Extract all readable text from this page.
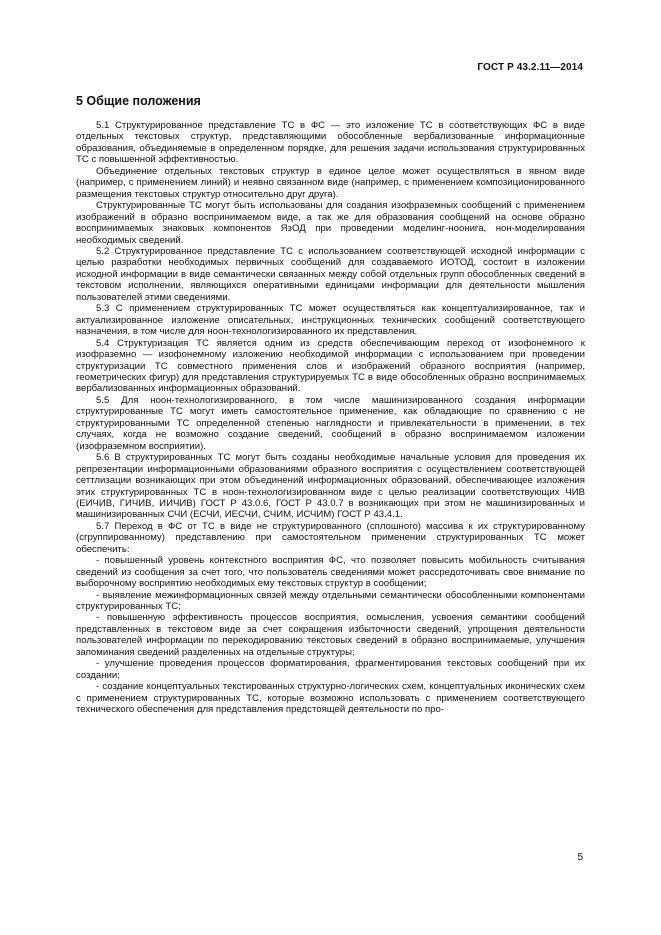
ГОСТ Р 43.2.11—2014
5 Общие положения

5.1 Структурированное представление ТС в ФС — это изложение ТС в соответствующих ФС в виде отдельных текстовых структур, представляющими обособленные вербализованные информационные образования, объединяемые в определенном порядке, для решения задачи использования структурированных ТС с повышенной эффективностью.

Объединение отдельных текстовых структур в единое целое может осуществляться в явном виде (например, с применением линий) и неявно связанном виде (например, с применением композиционированного размещения текстовых структур относительно друг друга).

Структурированные ТС могут быть использованы для создания изофраземных сообщений с применением изображений в образно воспринимаемом виде, а так же для образования сообщений на основе образно воспринимаемых знаковых компонентов ЯзОД при проведении моделинг-ноонига, нон-моделирования необходимых сведений.

5.2 Структурированное представление ТС с использованием соответствующей исходной информации с целью разработки необходимых первичных сообщений для создаваемого ИОТОД, состоит в изложении исходной информации в виде семантически связанных между собой отдельных групп обособленных сведений в текстовом исполнении, являющихся оперативными единицами информации для деятельности мышления пользователей этими сведениями.

5.3 С применением структурированных ТС может осуществляться как концептуализированное, так и актуализированное изложение описательных, инструкционных технических сообщений соответствующего назначения, в том числе для ноон-технологизированного их представления.

5.4 Структуризация ТС является одним из средств обеспечивающим переход от изофонемного к изофраземно — изофонемному изложению необходимой информации с использованием при проведении структуризации ТС совместного применения слов и изображений образного восприятия (например, геометрических фигур) для представления структурируемых ТС в виде обособленных образно воспринимаемых вербализованных информационных образований.

5.5 Для ноон-технологизированного, в том числе машинизированного создания информации структурированные ТС могут иметь самостоятельное применение, как обладающие по сравнению с не структурированными ТС определенной степенью наглядности и привлекательности в применении, в тех случаях, когда не возможно создание сведений, сообщений в образно воспринимаемом изложении (изофраземном восприятии).

5.6 В структурированных ТС могут быть созданы необходимые начальные условия для проведения их репрезентации информационными образованиями образного восприятия с осуществлением соответствующей сеттлизации возникающих при этом объединений информационных образований, обеспечивающее изложения этих структурированных ТС в ноон-технологизированном виде с целью реализации соответствующих ЧИВ (ЕИЧИВ, ГИЧИВ, ИИЧИВ) ГОСТ Р 43.0.6, ГОСТ Р 43.0.7 в возникающих при этом не машинизированных и машинизированных СЧИ (ЕСЧИ, ИЕСЧИ, СЧИМ, ИСЧИМ) ГОСТ Р 43.4.1.

5.7 Переход в ФС от ТС в виде не структурированного (сплошного) массива к их структурированному (сгруппированному) представлению при самостоятельном применении структурированных ТС может обеспечить:

- повышенный уровень контекстного восприятия ФС, что позволяет повысить мобильность считывания сведений из сообщения за счет того, что пользователь сведениями может рассредоточивать свое внимание по выборочному восприятию необходимых ему текстовых структур в сообщении;

- выявление межинформационных связей между отдельными семантически обособленными компонентами структурированных ТС;

- повышенную эффективность процессов восприятия, осмысления, усвоения семантики сообщений представленных в текстовом виде за счет сокращения избыточности сведений, упрощения деятельности пользователей информации по перекодированию текстовых сведений в образно воспринимаемые, улучшения запоминания сведений разделенных на отдельные структуры;

- улучшение проведения процессов форматирования, фрагментирования текстовых сообщений при их создании;

- создание концептуальных текстированных структурно-логических схем, концептуальных иконических схем с применением структурированных ТС, которые возможно использовать с применением соответствующего технического обеспечения для представления предстоящей деятельности по про-

5
